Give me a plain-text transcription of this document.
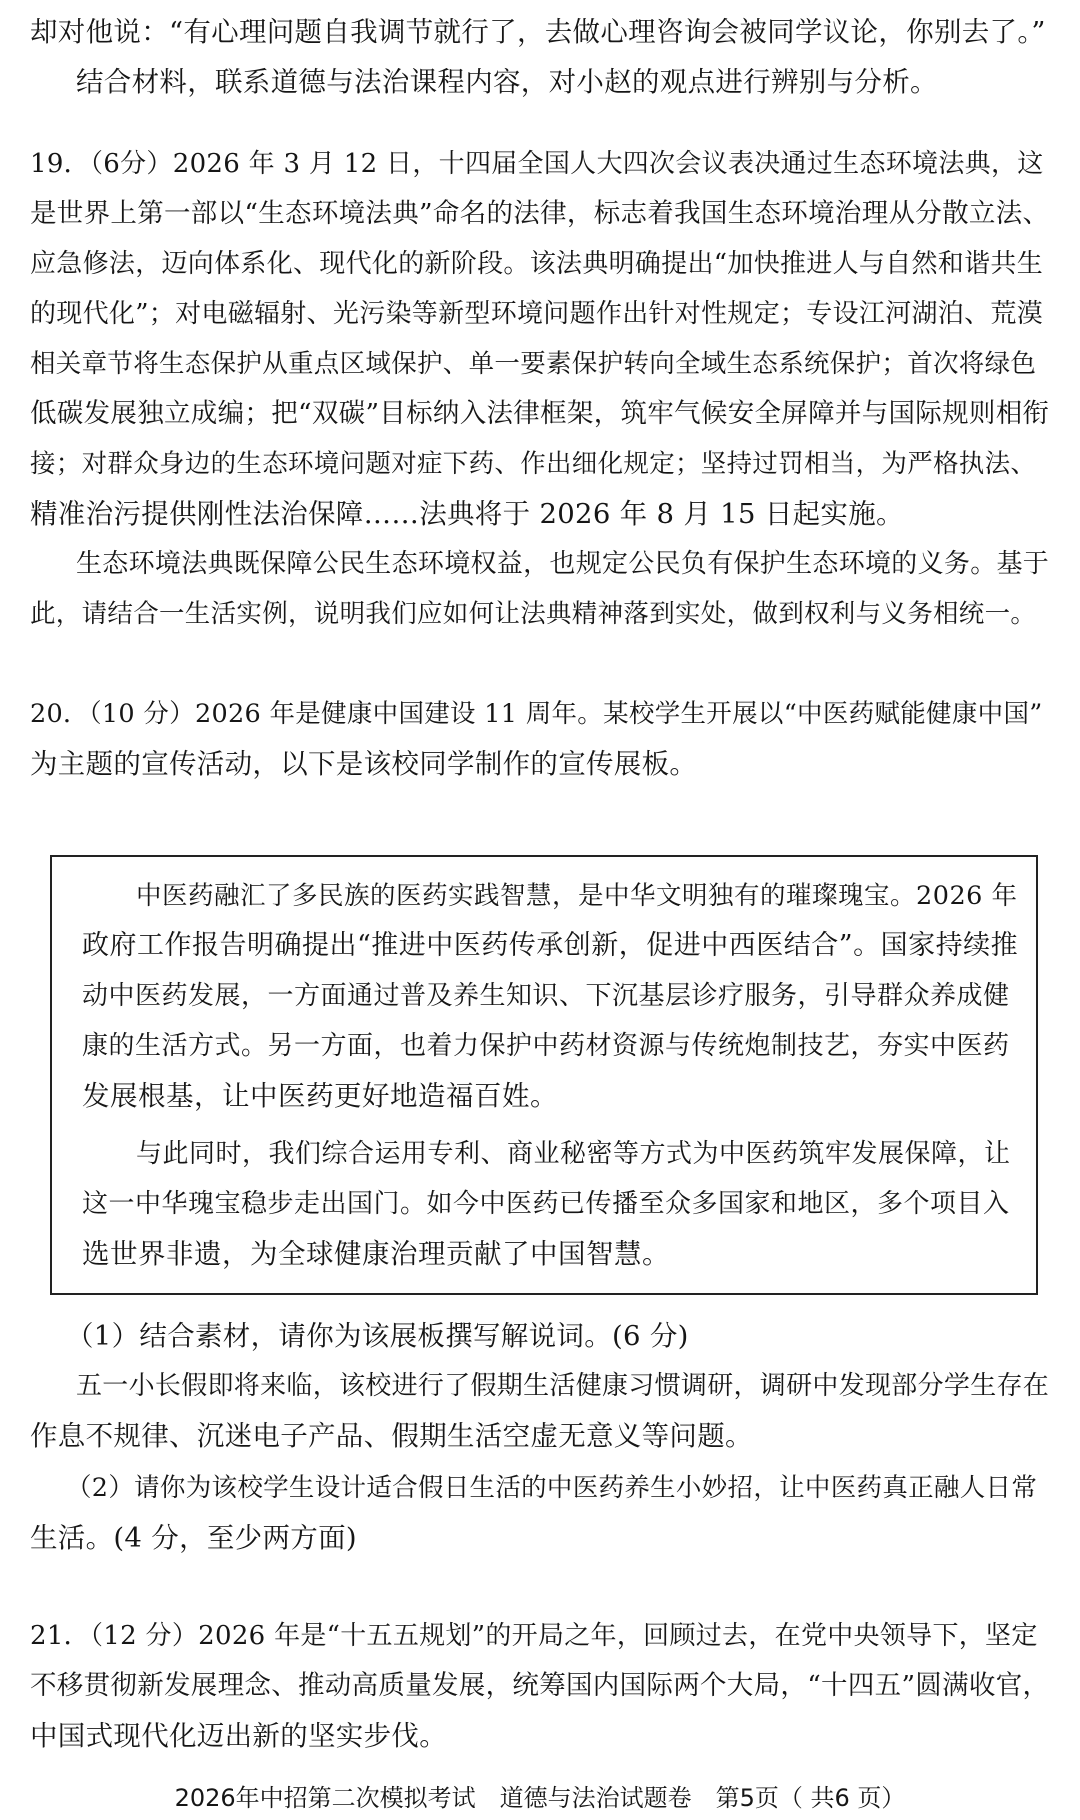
却对他说：“有心理问题自我调节就行了，去做心理咨询会被同学议论，你别去了。”
结合材料，联系道德与法治课程内容，对小赵的观点进行辨别与分析。
19．（6分）2026 年 3 月 12 日，十四届全国人大四次会议表决通过生态环境法典，这
是世界上第一部以“生态环境法典”命名的法律，标志着我国生态环境治理从分散立法、
应急修法，迈向体系化、现代化的新阶段。该法典明确提出“加快推进人与自然和谐共生
的现代化”；对电磁辐射、光污染等新型环境问题作出针对性规定；专设江河湖泊、荒漠
相关章节将生态保护从重点区域保护、单一要素保护转向全域生态系统保护；首次将绿色
低碳发展独立成编；把“双碳”目标纳入法律框架，筑牢气候安全屏障并与国际规则相衔
接；对群众身边的生态环境问题对症下药、作出细化规定；坚持过罚相当，为严格执法、
精准治污提供刚性法治保障……法典将于 2026 年 8 月 15 日起实施。
生态环境法典既保障公民生态环境权益，也规定公民负有保护生态环境的义务。基于
此，请结合一生活实例，说明我们应如何让法典精神落到实处，做到权利与义务相统一。
20．（10 分）2026 年是健康中国建设 11 周年。某校学生开展以“中医药赋能健康中国”
为主题的宣传活动，以下是该校同学制作的宣传展板。
中医药融汇了多民族的医药实践智慧，是中华文明独有的璀璨瑰宝。2026 年
政府工作报告明确提出“推进中医药传承创新，促进中西医结合”。国家持续推
动中医药发展，一方面通过普及养生知识、下沉基层诊疗服务，引导群众养成健
康的生活方式。另一方面，也着力保护中药材资源与传统炮制技艺，夯实中医药
发展根基，让中医药更好地造福百姓。
与此同时，我们综合运用专利、商业秘密等方式为中医药筑牢发展保障，让
这一中华瑰宝稳步走出国门。如今中医药已传播至众多国家和地区，多个项目入
选世界非遗，为全球健康治理贡献了中国智慧。
（1）结合素材，请你为该展板撰写解说词。(6 分)
五一小长假即将来临，该校进行了假期生活健康习惯调研，调研中发现部分学生存在
作息不规律、沉迷电子产品、假期生活空虚无意义等问题。
（2）请你为该校学生设计适合假日生活的中医药养生小妙招，让中医药真正融人日常
生活。(4 分，至少两方面)
21．（12 分）2026 年是“十五五规划”的开局之年，回顾过去，在党中央领导下，坚定
不移贯彻新发展理念、推动高质量发展，统筹国内国际两个大局，“十四五”圆满收官，
中国式现代化迈出新的坚实步伐。
2026年中招第二次模拟考试　道德与法治试题卷　第5页（ 共6 页）
